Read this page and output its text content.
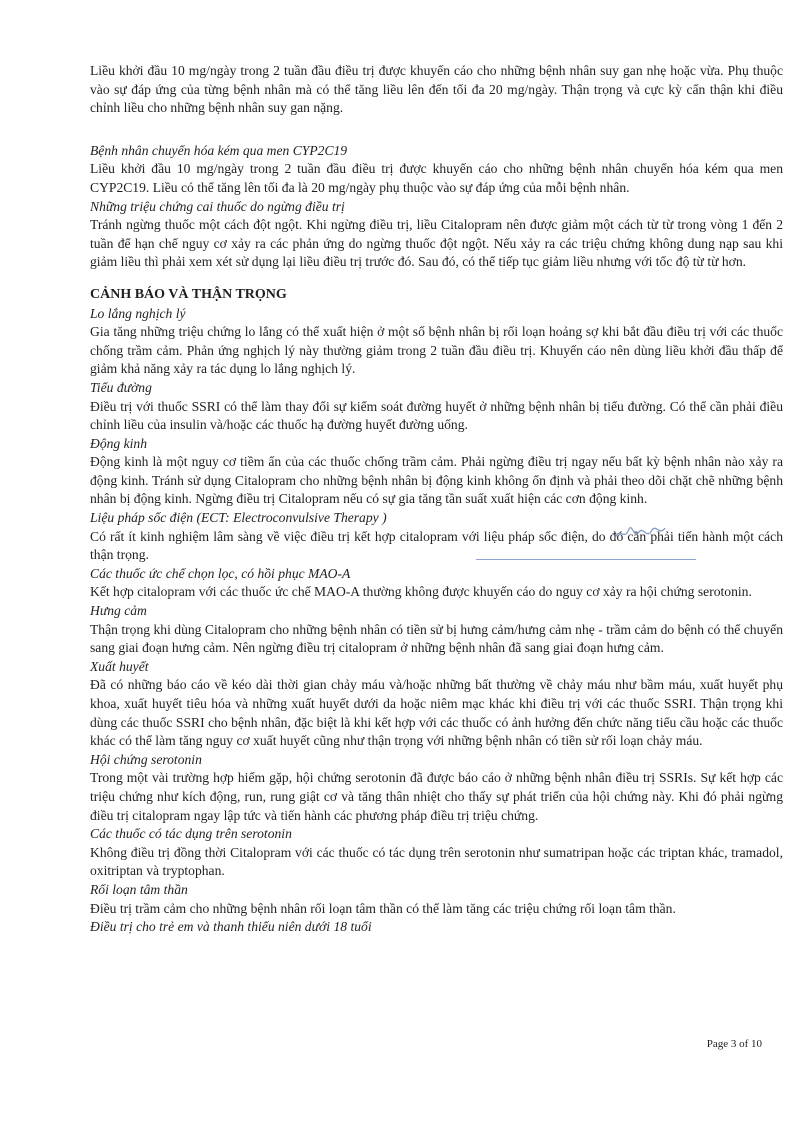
Liều khởi đầu 10 mg/ngày trong 2 tuần đầu điều trị được khuyến cáo cho những bệnh nhân suy gan nhẹ hoặc vừa. Phụ thuộc vào sự đáp ứng của từng bệnh nhân mà có thể tăng liều lên đến tối đa 20 mg/ngày. Thận trọng và cực kỳ cẩn thận khi điều chỉnh liều cho những bệnh nhân suy gan nặng.

Bệnh nhân chuyển hóa kém qua men CYP2C19

Liều khởi đầu 10 mg/ngày trong 2 tuần đầu điều trị được khuyến cáo cho những bệnh nhân chuyển hóa kém qua men CYP2C19. Liều có thể tăng lên tối đa là 20 mg/ngày phụ thuộc vào sự đáp ứng của mỗi bệnh nhân.

Những triệu chứng cai thuốc do ngừng điều trị

Tránh ngừng thuốc một cách đột ngột. Khi ngừng điều trị, liều Citalopram nên được giảm một cách từ từ trong vòng 1 đến 2 tuần để hạn chế nguy cơ xảy ra các phản ứng do ngừng thuốc đột ngột. Nếu xảy ra các triệu chứng không dung nạp sau khi giảm liều thì phải xem xét sử dụng lại liều điều trị trước đó. Sau đó, có thể tiếp tục giảm liều nhưng với tốc độ từ từ hơn.

CẢNH BÁO VÀ THẬN TRỌNG

Lo lắng nghịch lý

Gia tăng những triệu chứng lo lắng có thể xuất hiện ở một số bệnh nhân bị rối loạn hoảng sợ khi bắt đầu điều trị với các thuốc chống trầm cảm. Phản ứng nghịch lý này thường giảm trong 2 tuần đầu điều trị. Khuyến cáo nên dùng liều khởi đầu thấp để giảm khả năng xảy ra tác dụng lo lắng nghịch lý.

Tiểu đường

Điều trị với thuốc SSRI có thể làm thay đổi sự kiểm soát đường huyết ở những bệnh nhân bị tiểu đường. Có thể cần phải điều chỉnh liều của insulin và/hoặc các thuốc hạ đường huyết đường uống.

Động kinh

Động kinh là một nguy cơ tiềm ẩn của các thuốc chống trầm cảm. Phải ngừng điều trị ngay nếu bất kỳ bệnh nhân nào xảy ra động kinh. Tránh sử dụng Citalopram cho những bệnh nhân bị động kinh không ổn định và phải theo dõi chặt chẽ những bệnh nhân bị động kinh. Ngừng điều trị Citalopram nếu có sự gia tăng tần suất xuất hiện các cơn động kinh.

Liệu pháp sốc điện (ECT: Electroconvulsive Therapy )

Có rất ít kinh nghiệm lâm sàng về việc điều trị kết hợp citalopram với liệu pháp sốc điện, do đó cần phải tiến hành một cách thận trọng.

Các thuốc ức chế chọn lọc, có hồi phục MAO-A

Kết hợp citalopram với các thuốc ức chế MAO-A thường không được khuyến cáo do nguy cơ xảy ra hội chứng serotonin.

Hưng cảm

Thận trọng khi dùng Citalopram cho những bệnh nhân có tiền sử bị hưng cảm/hưng cảm nhẹ - trầm cảm do bệnh có thể chuyển sang giai đoạn hưng cảm. Nên ngừng điều trị citalopram ở những bệnh nhân đã sang giai đoạn hưng cảm.

Xuất huyết

Đã có những báo cáo về kéo dài thời gian chảy máu và/hoặc những bất thường về chảy máu như bầm máu, xuất huyết phụ khoa, xuất huyết tiêu hóa và những xuất huyết dưới da hoặc niêm mạc khác khi điều trị với các thuốc SSRI. Thận trọng khi dùng các thuốc SSRI cho bệnh nhân, đặc biệt là khi kết hợp với các thuốc có ảnh hưởng đến chức năng tiểu cầu hoặc các thuốc khác có thể làm tăng nguy cơ xuất huyết cũng như thận trọng với những bệnh nhân có tiền sử rối loạn chảy máu.

Hội chứng serotonin

Trong một vài trường hợp hiếm gặp, hội chứng serotonin đã được báo cáo ở những bệnh nhân điều trị SSRIs. Sự kết hợp các triệu chứng như kích động, run, rung giật cơ và tăng thân nhiệt cho thấy sự phát triển của hội chứng này. Khi đó phải ngừng điều trị citalopram ngay lập tức và tiến hành các phương pháp điều trị triệu chứng.

Các thuốc có tác dụng trên serotonin

Không điều trị đồng thời Citalopram với các thuốc có tác dụng trên serotonin như sumatripan hoặc các triptan khác, tramadol, oxitriptan và tryptophan.

Rối loạn tâm thần

Điều trị trầm cảm cho những bệnh nhân rối loạn tâm thần có thể làm tăng các triệu chứng rối loạn tâm thần.

Điều trị cho trẻ em và thanh thiếu niên dưới 18 tuổi

Page 3 of 10
